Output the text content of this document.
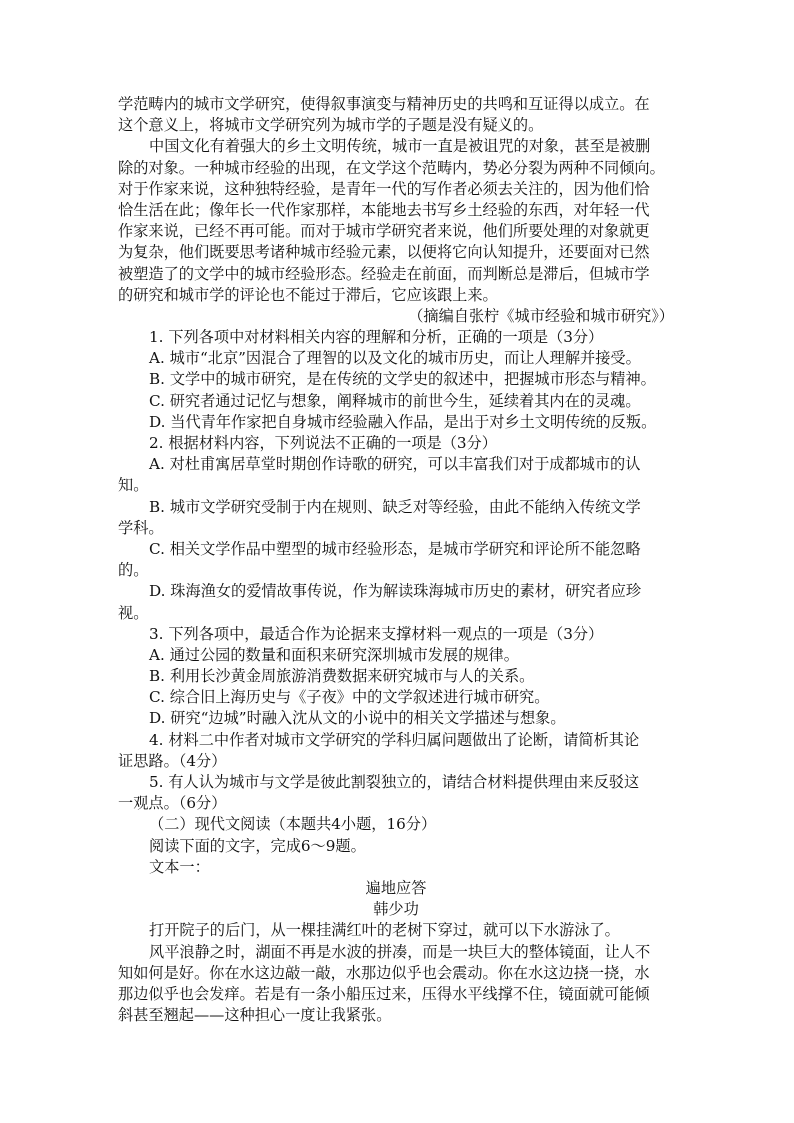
学范畴内的城市文学研究，使得叙事演变与精神历史的共鸣和互证得以成立。在
这个意义上，将城市文学研究列为城市学的子题是没有疑义的。
中国文化有着强大的乡土文明传统，城市一直是被诅咒的对象，甚至是被删
除的对象。一种城市经验的出现，在文学这个范畴内，势必分裂为两种不同倾向。
对于作家来说，这种独特经验，是青年一代的写作者必须去关注的，因为他们恰
恰生活在此；像年长一代作家那样，本能地去书写乡土经验的东西，对年轻一代
作家来说，已经不再可能。而对于城市学研究者来说，他们所要处理的对象就更
为复杂，他们既要思考诸种城市经验元素，以便将它向认知提升，还要面对已然
被塑造了的文学中的城市经验形态。经验走在前面，而判断总是滞后，但城市学
的研究和城市学的评论也不能过于滞后，它应该跟上来。
（摘编自张柠《城市经验和城市研究》）
1. 下列各项中对材料相关内容的理解和分析，正确的一项是（3分）
A. 城市“北京”因混合了理智的以及文化的城市历史，而让人理解并接受。
B. 文学中的城市研究，是在传统的文学史的叙述中，把握城市形态与精神。
C. 研究者通过记忆与想象，阐释城市的前世今生，延续着其内在的灵魂。
D. 当代青年作家把自身城市经验融入作品，是出于对乡土文明传统的反叛。
2. 根据材料内容，下列说法不正确的一项是（3分）
A. 对杜甫寓居草堂时期创作诗歌的研究，可以丰富我们对于成都城市的认
知。
B. 城市文学研究受制于内在规则、缺乏对等经验，由此不能纳入传统文学
学科。
C. 相关文学作品中塑型的城市经验形态，是城市学研究和评论所不能忽略
的。
D. 珠海渔女的爱情故事传说，作为解读珠海城市历史的素材，研究者应珍
视。
3. 下列各项中，最适合作为论据来支撑材料一观点的一项是（3分）
A. 通过公园的数量和面积来研究深圳城市发展的规律。
B. 利用长沙黄金周旅游消费数据来研究城市与人的关系。
C. 综合旧上海历史与《子夜》中的文学叙述进行城市研究。
D. 研究“边城”时融入沈从文的小说中的相关文学描述与想象。
4. 材料二中作者对城市文学研究的学科归属问题做出了论断，请简析其论
证思路。（4分）
5. 有人认为城市与文学是彼此割裂独立的，请结合材料提供理由来反驳这
一观点。（6分）
（二）现代文阅读（本题共4小题，16分）
阅读下面的文字，完成6～9题。
文本一：
遍地应答
韩少功
打开院子的后门，从一棵挂满红叶的老树下穿过，就可以下水游泳了。
风平浪静之时，湖面不再是水波的拼凑，而是一块巨大的整体镜面，让人不
知如何是好。你在水这边敲一敲，水那边似乎也会震动。你在水这边挠一挠，水
那边似乎也会发痒。若是有一条小船压过来，压得水平线撑不住，镜面就可能倾
斜甚至翘起——这种担心一度让我紧张。
